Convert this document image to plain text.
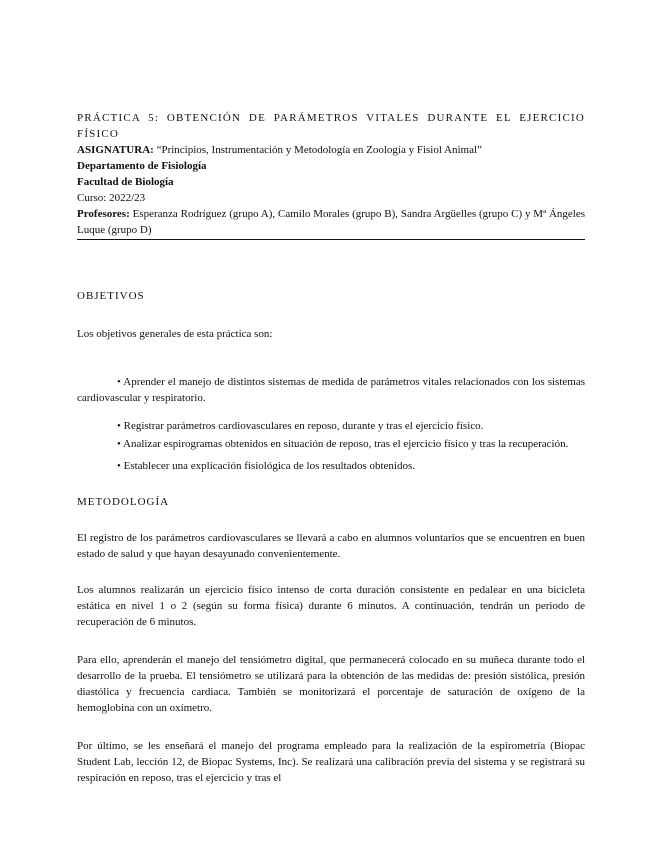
PRÁCTICA 5: OBTENCIÓN DE PARÁMETROS VITALES DURANTE EL EJERCICIO FÍSICO

ASIGNATURA: “Principios, Instrumentación y Metodología en Zoología y Fisiol Animal”

Departamento de Fisiología

Facultad de Biología

Curso: 2022/23

Profesores: Esperanza Rodríguez (grupo A), Camilo Morales (grupo B), Sandra Argüelles (grupo C) y Mª Ángeles Luque (grupo D)

OBJETIVOS

Los objetivos generales de esta práctica son:

• Aprender el manejo de distintos sistemas de medida de parámetros vitales relacionados con los sistemas cardiovascular y respiratorio.

• Registrar parámetros cardiovasculares en reposo, durante y tras el ejercicio físico.

• Analizar espirogramas obtenidos en situación de reposo, tras el ejercicio físico y tras la recuperación.

• Establecer una explicación fisiológica de los resultados obtenidos.

METODOLOGÍA

El registro de los parámetros cardiovasculares se llevará a cabo en alumnos voluntarios que se encuentren en buen estado de salud y que hayan desayunado convenientemente.

Los alumnos realizarán un ejercicio físico intenso de corta duración consistente en pedalear en una bicicleta estática en nivel 1 o 2 (según su forma física) durante 6 minutos. A continuación, tendrán un periodo de recuperación de 6 minutos.

Para ello, aprenderán el manejo del tensiómetro digital, que permanecerá colocado en su muñeca durante todo el desarrollo de la prueba. El tensiómetro se utilizará para la obtención de las medidas de: presión sistólica, presión diastólica y frecuencia cardiaca. También se monitorizará el porcentaje de saturación de oxígeno de la hemoglobina con un oxímetro.

Por último, se les enseñará el manejo del programa empleado para la realización de la espirometría (Biopac Student Lab, lección 12, de Biopac Systems, Inc). Se realizará una calibración previa del sistema y se registrará su respiración en reposo, tras el ejercicio y tras el
